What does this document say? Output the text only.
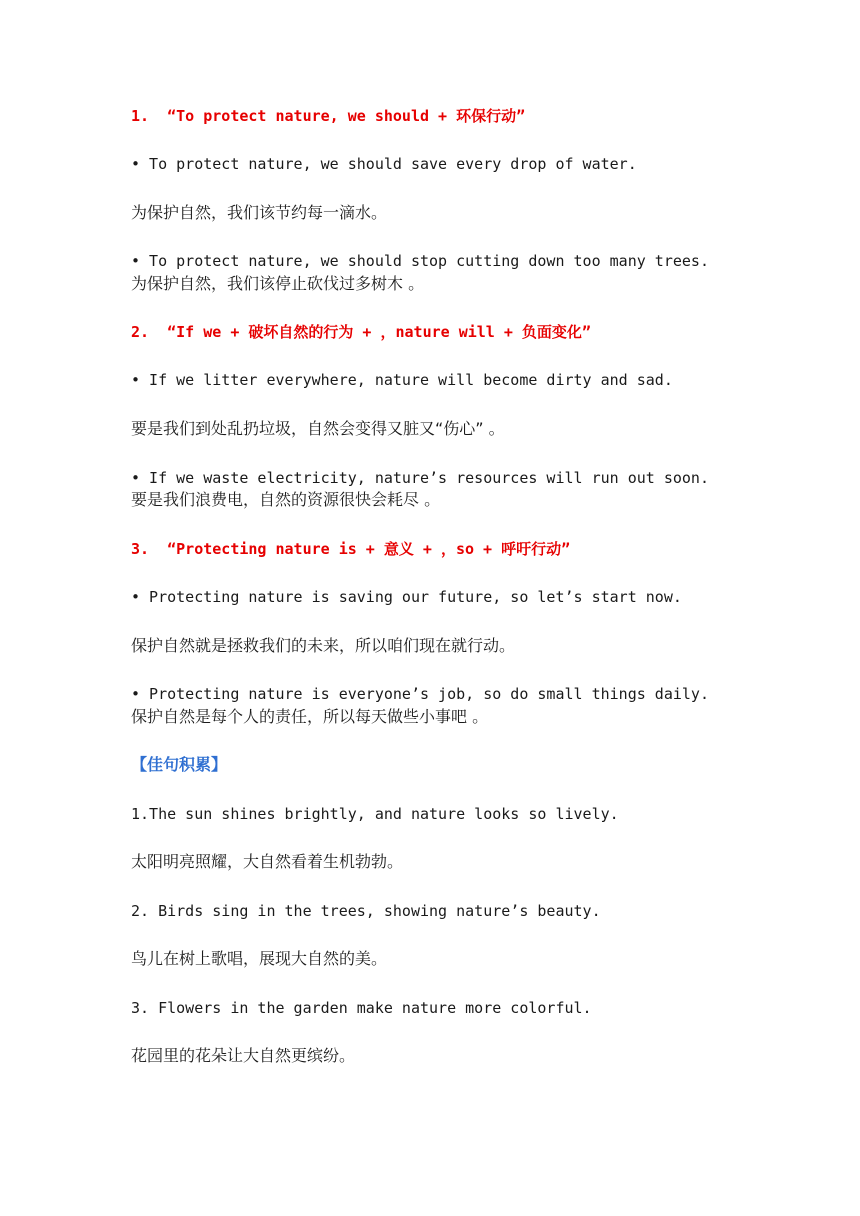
1.  “To protect nature, we should + 环保行动”
• To protect nature, we should save every drop of water.
为保护自然，我们该节约每一滴水。
• To protect nature, we should stop cutting down too many trees.
为保护自然，我们该停止砍伐过多树木 。
2.  “If we + 破坏自然的行为 + ，nature will + 负面变化”
• If we litter everywhere, nature will become dirty and sad.
要是我们到处乱扔垃圾，自然会变得又脏又“伤心” 。
• If we waste electricity, nature’s resources will run out soon.
要是我们浪费电，自然的资源很快会耗尽 。
3.  “Protecting nature is + 意义 + ，so + 呼吁行动”
• Protecting nature is saving our future, so let’s start now.
保护自然就是拯救我们的未来，所以咱们现在就行动。
• Protecting nature is everyone’s job, so do small things daily.
保护自然是每个人的责任，所以每天做些小事吧 。
【佳句积累】
1.The sun shines brightly, and nature looks so lively.
太阳明亮照耀，大自然看着生机勃勃。
2. Birds sing in the trees, showing nature’s beauty.
鸟儿在树上歌唱，展现大自然的美。
3. Flowers in the garden make nature more colorful.
花园里的花朵让大自然更缤纷。
